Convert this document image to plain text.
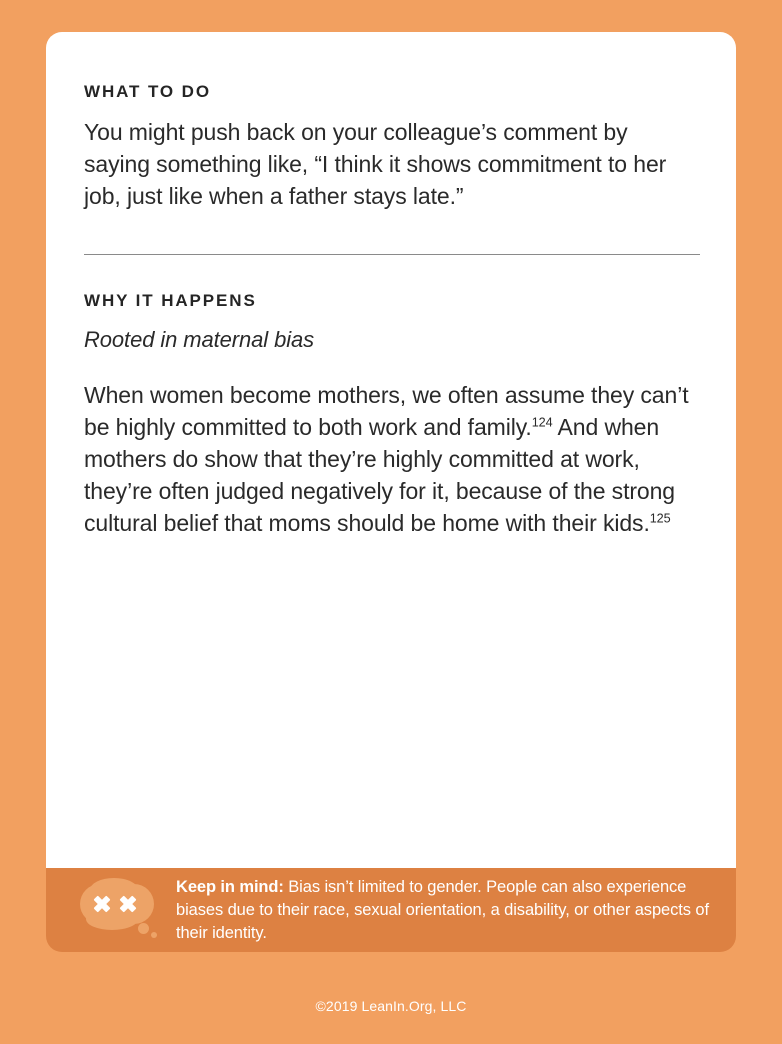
WHAT TO DO

You might push back on your colleague’s comment by saying something like, “I think it shows commitment to her job, just like when a father stays late.”

WHY IT HAPPENS
Rooted in maternal bias

When women become mothers, we often assume they can’t be highly committed to both work and family.$^{124}$ And when mothers do show that they’re highly committed at work, they’re often judged negatively for it, because of the strong cultural belief that moms should be home with their kids.$^{125}$

Keep in mind: Bias isn’t limited to gender. People can also experience biases due to their race, sexual orientation, a disability, or other aspects of their identity.
©2019 LeanIn.Org, LLC
